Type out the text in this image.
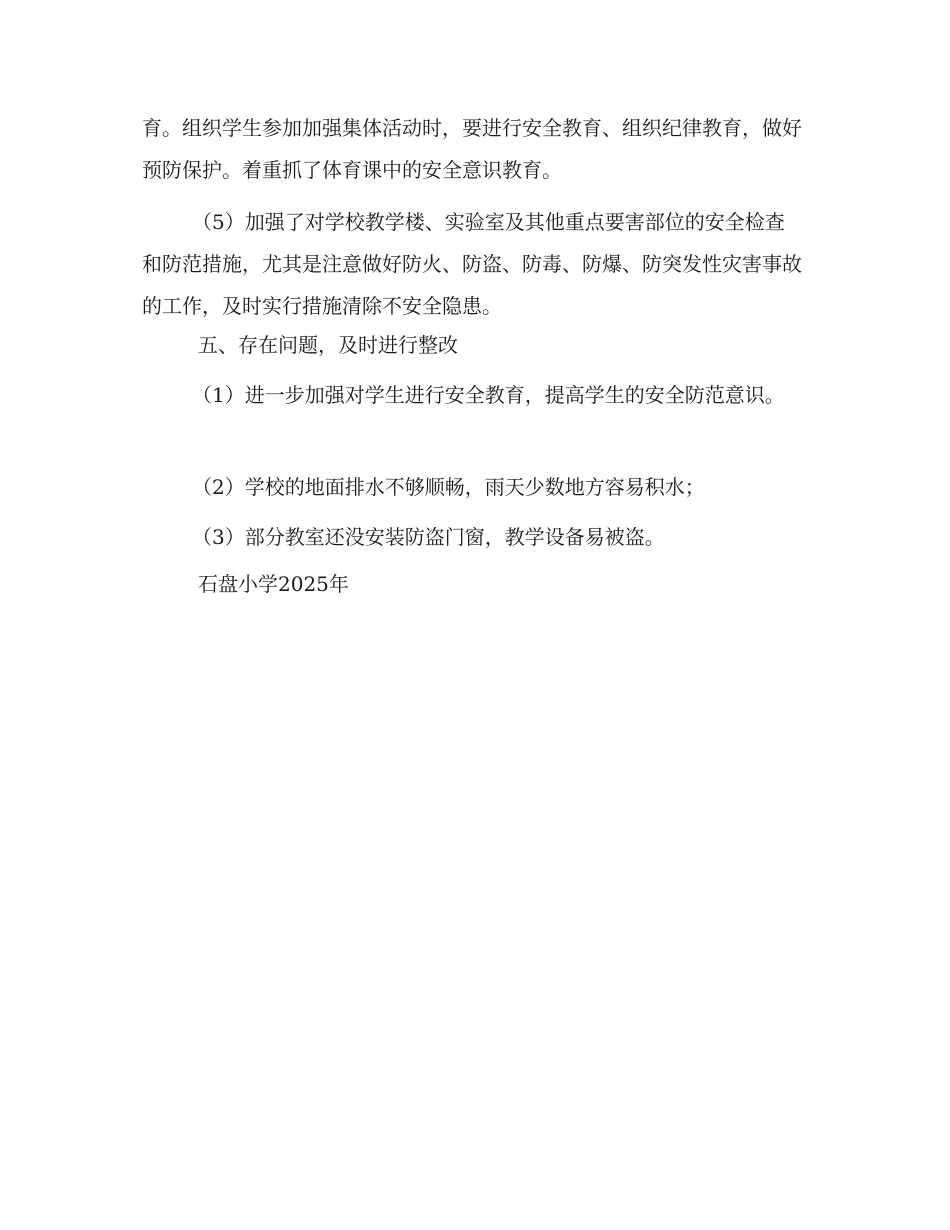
育。组织学生参加加强集体活动时，要进行安全教育、组织纪律教育，做好预防保护。着重抓了体育课中的安全意识教育。

（5）加强了对学校教学楼、实验室及其他重点要害部位的安全检查和防范措施，尤其是注意做好防火、防盗、防毒、防爆、防突发性灾害事故的工作，及时实行措施清除不安全隐患。

五、存在问题，及时进行整改

（1）进一步加强对学生进行安全教育，提高学生的安全防范意识。

（2）学校的地面排水不够顺畅，雨天少数地方容易积水；

（3）部分教室还没安装防盗门窗，教学设备易被盗。

石盘小学2025年
